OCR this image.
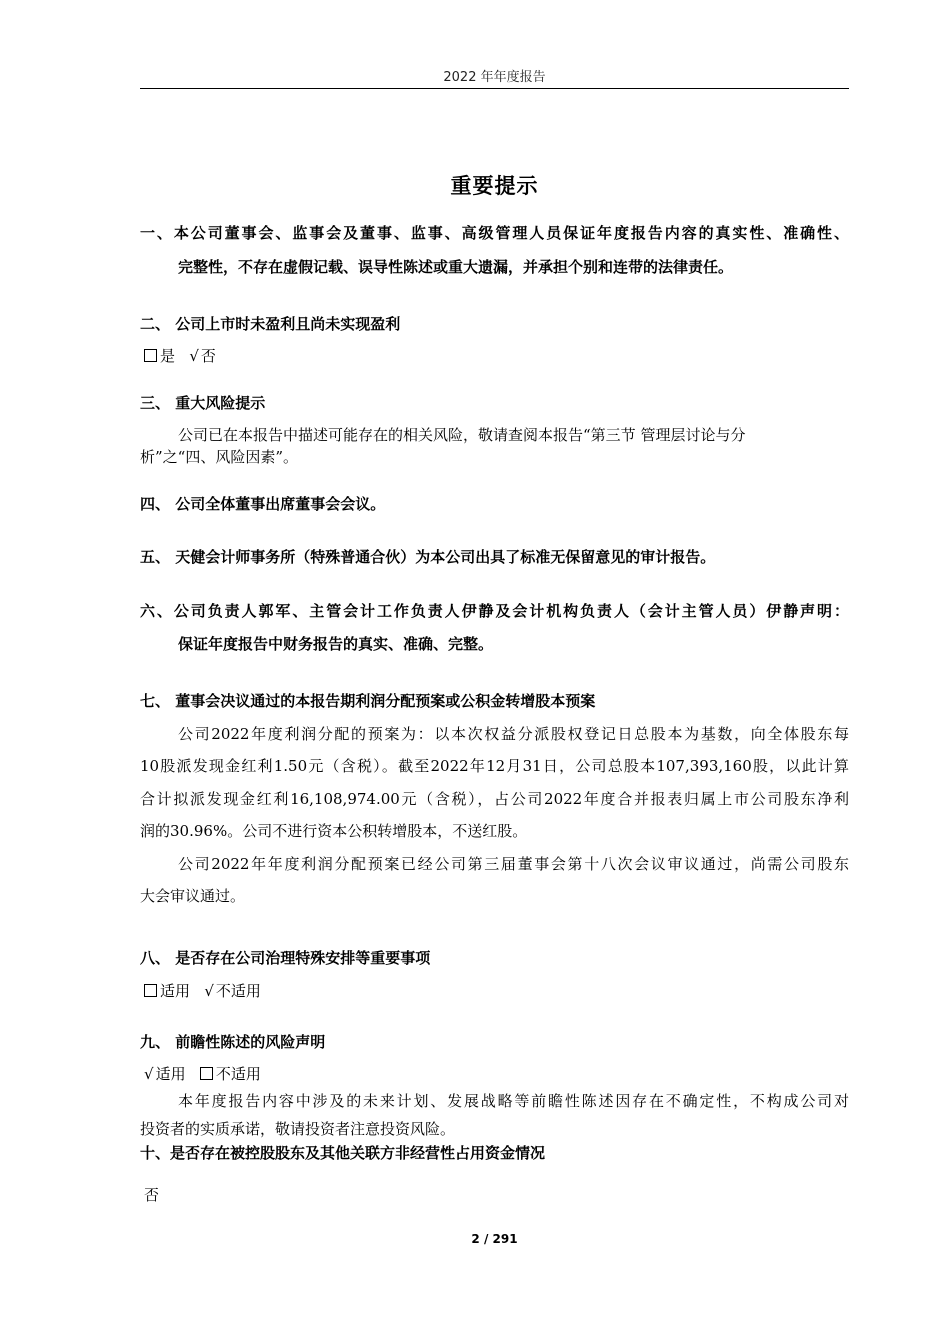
2022 年年度报告
重要提示
一、本公司董事会、监事会及董事、监事、高级管理人员保证年度报告内容的真实性、准确性、
完整性，不存在虚假记载、误导性陈述或重大遗漏，并承担个别和连带的法律责任。
二、 公司上市时未盈利且尚未实现盈利
是 √ 否
三、 重大风险提示
公司已在本报告中描述可能存在的相关风险，敬请查阅本报告“第三节 管理层讨论与分
析”之“四、风险因素”。
四、 公司全体董事出席董事会会议。
五、 天健会计师事务所（特殊普通合伙）为本公司出具了标准无保留意见的审计报告。
六、公司负责人郭军、主管会计工作负责人伊静及会计机构负责人（会计主管人员）伊静声明：
保证年度报告中财务报告的真实、准确、完整。
七、 董事会决议通过的本报告期利润分配预案或公积金转增股本预案
公司2022年度利润分配的预案为：以本次权益分派股权登记日总股本为基数，向全体股东每
10股派发现金红利1.50元（含税）。截至2022年12月31日，公司总股本107,393,160股，以此计算
合计拟派发现金红利16,108,974.00元（含税），占公司2022年度合并报表归属上市公司股东净利
润的30.96%。公司不进行资本公积转增股本，不送红股。
公司2022年年度利润分配预案已经公司第三届董事会第十八次会议审议通过，尚需公司股东
大会审议通过。
八、 是否存在公司治理特殊安排等重要事项
适用 √ 不适用
九、 前瞻性陈述的风险声明
√ 适用 不适用
本年度报告内容中涉及的未来计划、发展战略等前瞻性陈述因存在不确定性，不构成公司对
投资者的实质承诺，敬请投资者注意投资风险。
十、是否存在被控股股东及其他关联方非经营性占用资金情况
否
2 / 291
